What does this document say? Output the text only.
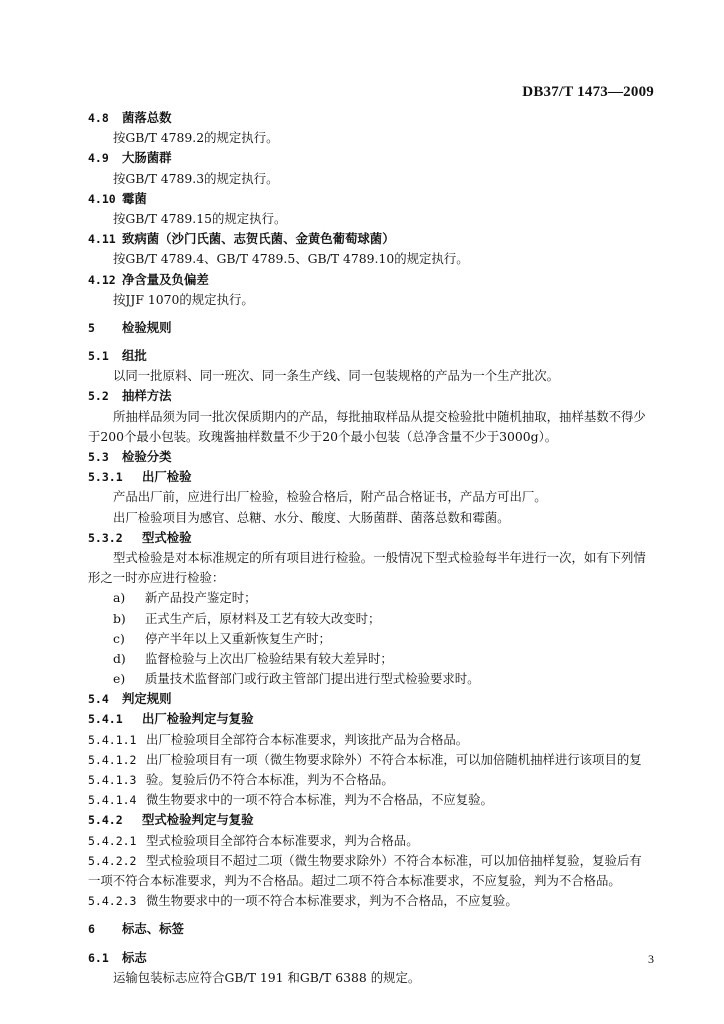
DB37/T 1473—2009
4.8 菌落总数
按GB/T 4789.2的规定执行。
4.9 大肠菌群
按GB/T 4789.3的规定执行。
4.10 霉菌
按GB/T 4789.15的规定执行。
4.11 致病菌（沙门氏菌、志贺氏菌、金黄色葡萄球菌）
按GB/T 4789.4、GB/T 4789.5、GB/T 4789.10的规定执行。
4.12 净含量及负偏差
按JJF 1070的规定执行。
5 检验规则
5.1 组批
以同一批原料、同一班次、同一条生产线、同一包装规格的产品为一个生产批次。
5.2 抽样方法
所抽样品须为同一批次保质期内的产品，每批抽取样品从提交检验批中随机抽取，抽样基数不得少
于200个最小包装。玫瑰酱抽样数量不少于20个最小包装（总净含量不少于3000g）。
5.3 检验分类
5.3.1 出厂检验
产品出厂前，应进行出厂检验，检验合格后，附产品合格证书，产品方可出厂。
出厂检验项目为感官、总糖、水分、酸度、大肠菌群、菌落总数和霉菌。
5.3.2 型式检验
型式检验是对本标准规定的所有项目进行检验。一般情况下型式检验每半年进行一次，如有下列情
形之一时亦应进行检验：
a) 新产品投产鉴定时；
b) 正式生产后，原材料及工艺有较大改变时；
c) 停产半年以上又重新恢复生产时；
d) 监督检验与上次出厂检验结果有较大差异时；
e) 质量技术监督部门或行政主管部门提出进行型式检验要求时。
5.4 判定规则
5.4.1 出厂检验判定与复验
5.4.1.1 出厂检验项目全部符合本标准要求，判该批产品为合格品。
5.4.1.2 出厂检验项目有一项（微生物要求除外）不符合本标准，可以加倍随机抽样进行该项目的复
5.4.1.3 验。复验后仍不符合本标准，判为不合格品。
5.4.1.4 微生物要求中的一项不符合本标准，判为不合格品，不应复验。
5.4.2 型式检验判定与复验
5.4.2.1 型式检验项目全部符合本标准要求，判为合格品。
5.4.2.2 型式检验项目不超过二项（微生物要求除外）不符合本标准，可以加倍抽样复验，复验后有
一项不符合本标准要求，判为不合格品。超过二项不符合本标准要求，不应复验，判为不合格品。
5.4.2.3 微生物要求中的一项不符合本标准要求，判为不合格品，不应复验。
6 标志、标签
6.1 标志
运输包装标志应符合GB/T 191 和GB/T 6388 的规定。
3
